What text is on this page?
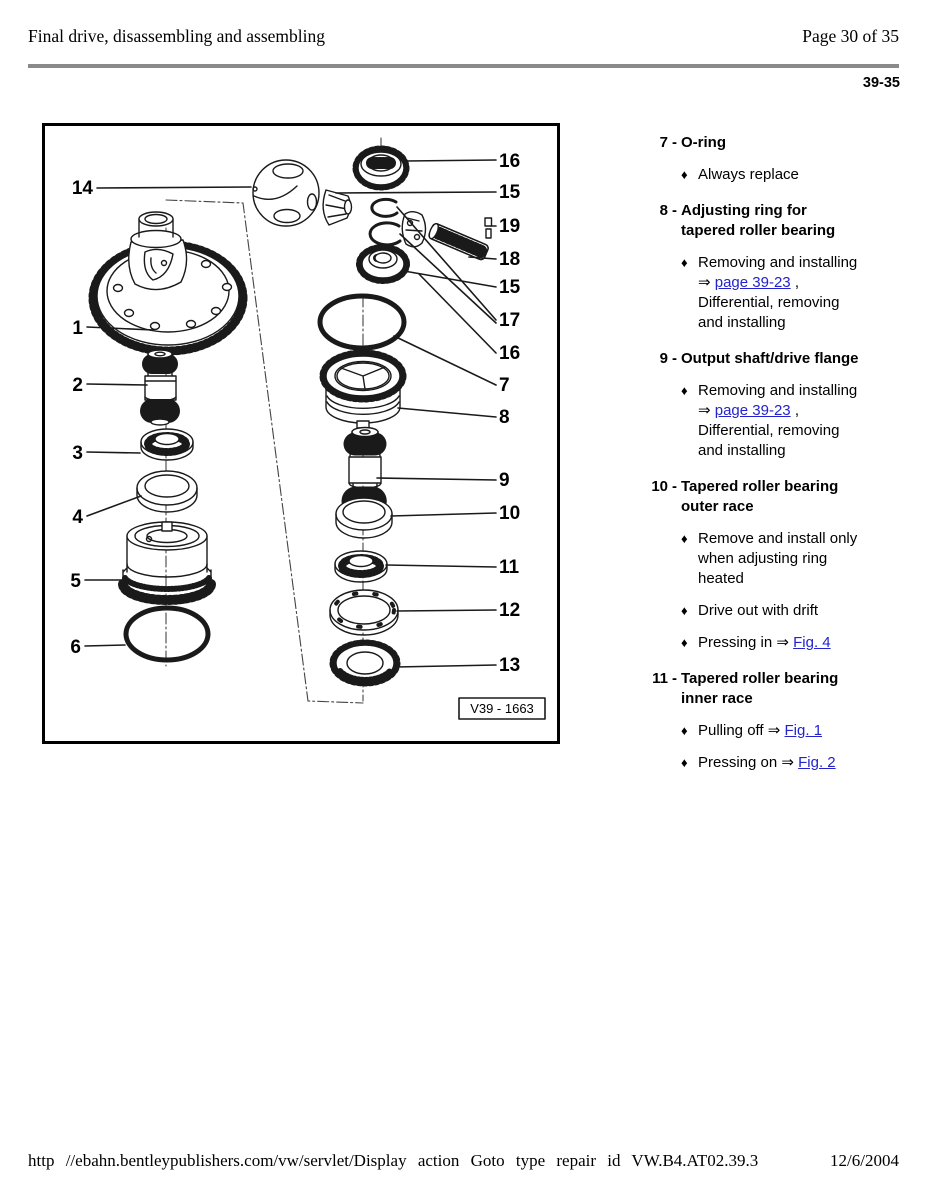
Final drive, disassembling and assembling	Page 30 of 35
39-35
14
1
2
3
4
5
6
16
15
19
18
15
17
16
7
8
9
10
11
12
13
V39 - 1663
7 - O-ring
♦ Always replace
8 - Adjusting ring for tapered roller bearing
♦ Removing and installing ⇒ page 39-23 , Differential, removing and installing
9 - Output shaft/drive flange
♦ Removing and installing ⇒ page 39-23 , Differential, removing and installing
10 - Tapered roller bearing outer race
♦ Remove and install only when adjusting ring heated
♦ Drive out with drift
♦ Pressing in ⇒ Fig. 4
11 - Tapered roller bearing inner race
♦ Pulling off ⇒ Fig. 1
♦ Pressing on ⇒ Fig. 2
http //ebahn.bentleypublishers.com/vw/servlet/Display action Goto type repair id VW.B4.AT02.39.3	12/6/2004
